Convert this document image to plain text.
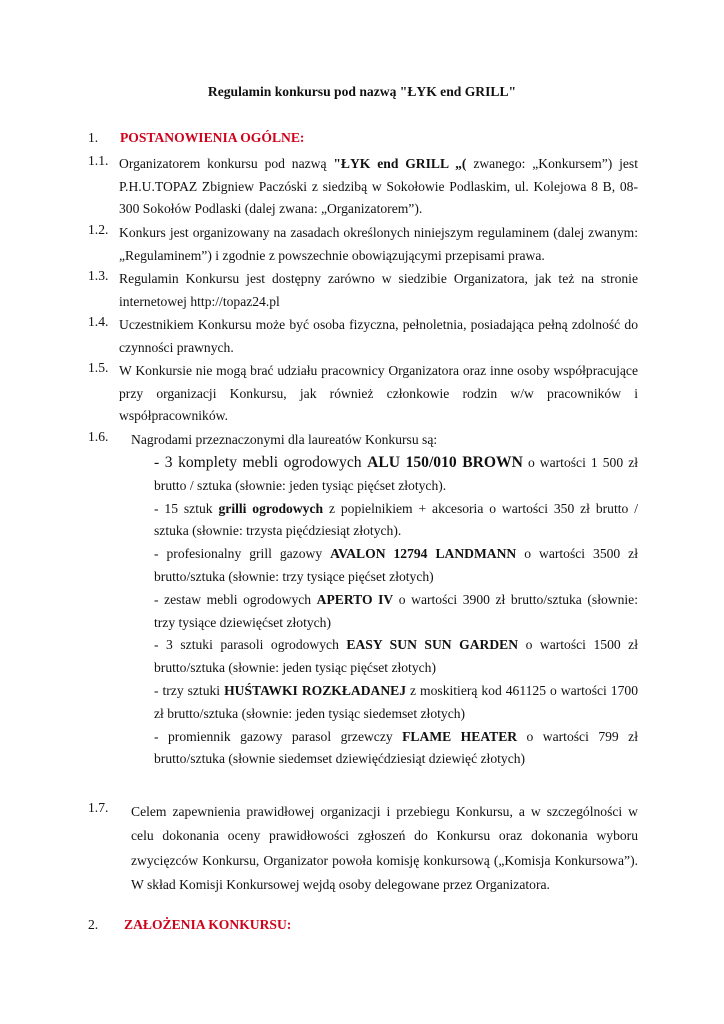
Regulamin konkursu pod nazwą "ŁYK end GRILL"
1. POSTANOWIENIA OGÓLNE:
1.1. Organizatorem konkursu pod nazwą "ŁYK end GRILL „( zwanego: „Konkursem”) jest P.H.U.TOPAZ Zbigniew Paczóski z siedzibą w Sokołowie Podlaskim, ul. Kolejowa 8 B, 08-300 Sokołów Podlaski (dalej zwana: „Organizatorem”).
1.2. Konkurs jest organizowany na zasadach określonych niniejszym regulaminem (dalej zwanym: „Regulaminem”) i zgodnie z powszechnie obowiązującymi przepisami prawa.
1.3. Regulamin Konkursu jest dostępny zarówno w siedzibie Organizatora, jak też na stronie internetowej http://topaz24.pl
1.4. Uczestnikiem Konkursu może być osoba fizyczna, pełnoletnia, posiadająca pełną zdolność do czynności prawnych.
1.5. W Konkursie nie mogą brać udziału pracownicy Organizatora oraz inne osoby współpracujące przy organizacji Konkursu, jak również członkowie rodzin w/w pracowników i współpracowników.
1.6.	Nagrodami przeznaczonymi dla laureatów Konkursu są:
- 3 komplety mebli ogrodowych ALU 150/010 BROWN o wartości 1 500 zł brutto / sztuka (słownie: jeden tysiąc pięćset złotych).
- 15 sztuk grilli ogrodowych z popielnikiem + akcesoria o wartości 350 zł brutto / sztuka (słownie: trzysta pięćdziesiąt złotych).
- profesionalny grill gazowy AVALON 12794 LANDMANN o wartości 3500 zł brutto/sztuka (słownie: trzy tysiące pięćset złotych)
- zestaw mebli ogrodowych APERTO IV o wartości 3900 zł brutto/sztuka (słownie: trzy tysiące dziewięćset złotych)
- 3 sztuki parasoli ogrodowych EASY SUN SUN GARDEN o wartości 1500 zł brutto/sztuka (słownie: jeden tysiąc pięćset złotych)
- trzy sztuki HUŚTAWKI ROZKŁADANEJ z moskitierą kod 461125 o wartości 1700 zł brutto/sztuka (słownie: jeden tysiąc siedemset złotych)
- promiennik gazowy parasol grzewczy FLAME HEATER o wartości 799 zł brutto/sztuka (słownie siedemset dziewięćdziesiąt dziewięć złotych)
1.7.	Celem zapewnienia prawidłowej organizacji i przebiegu Konkursu, a w szczególności w celu dokonania oceny prawidłowości zgłoszeń do Konkursu oraz dokonania wyboru zwycięzców Konkursu, Organizator powoła komisję konkursową („Komisja Konkursowa”). W skład Komisji Konkursowej wejdą osoby delegowane przez Organizatora.
2. ZAŁOŻENIA KONKURSU:
